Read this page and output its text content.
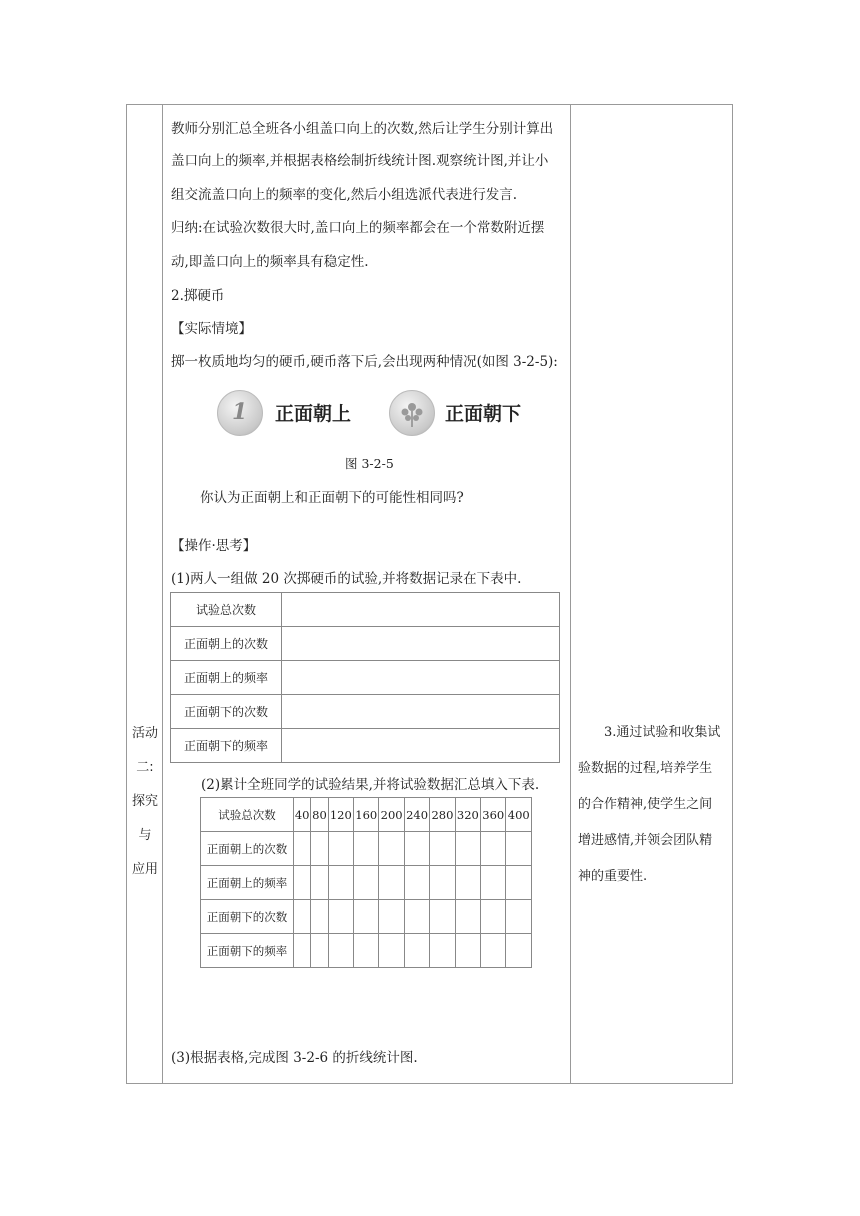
活动
二:
探究
与
应用
教师分别汇总全班各小组盖口向上的次数,然后让学生分别计算出
盖口向上的频率,并根据表格绘制折线统计图.观察统计图,并让小
组交流盖口向上的频率的变化,然后小组选派代表进行发言.
归纳:在试验次数很大时,盖口向上的频率都会在一个常数附近摆
动,即盖口向上的频率具有稳定性.
2.掷硬币
【实际情境】
掷一枚质地均匀的硬币,硬币落下后,会出现两种情况(如图 3-2-5):
1 正面朝上	正面朝下
图 3-2-5
你认为正面朝上和正面朝下的可能性相同吗?
【操作·思考】
(1)两人一组做 20 次掷硬币的试验,并将数据记录在下表中.
(2)累计全班同学的试验结果,并将试验数据汇总填入下表.
(3)根据表格,完成图 3-2-6 的折线统计图.

3.通过试验和收集试

验数据的过程,培养学生

的合作精神,使学生之间

增进感情,并领会团队精

神的重要性.

试验总次数	
正面朝上的次数	
正面朝上的频率	
正面朝下的次数	
正面朝下的频率	
试验总次数	40	80	120	160	200	240	280	320	360	400
正面朝上的次数										
正面朝上的频率										
正面朝下的次数										
正面朝下的频率										
